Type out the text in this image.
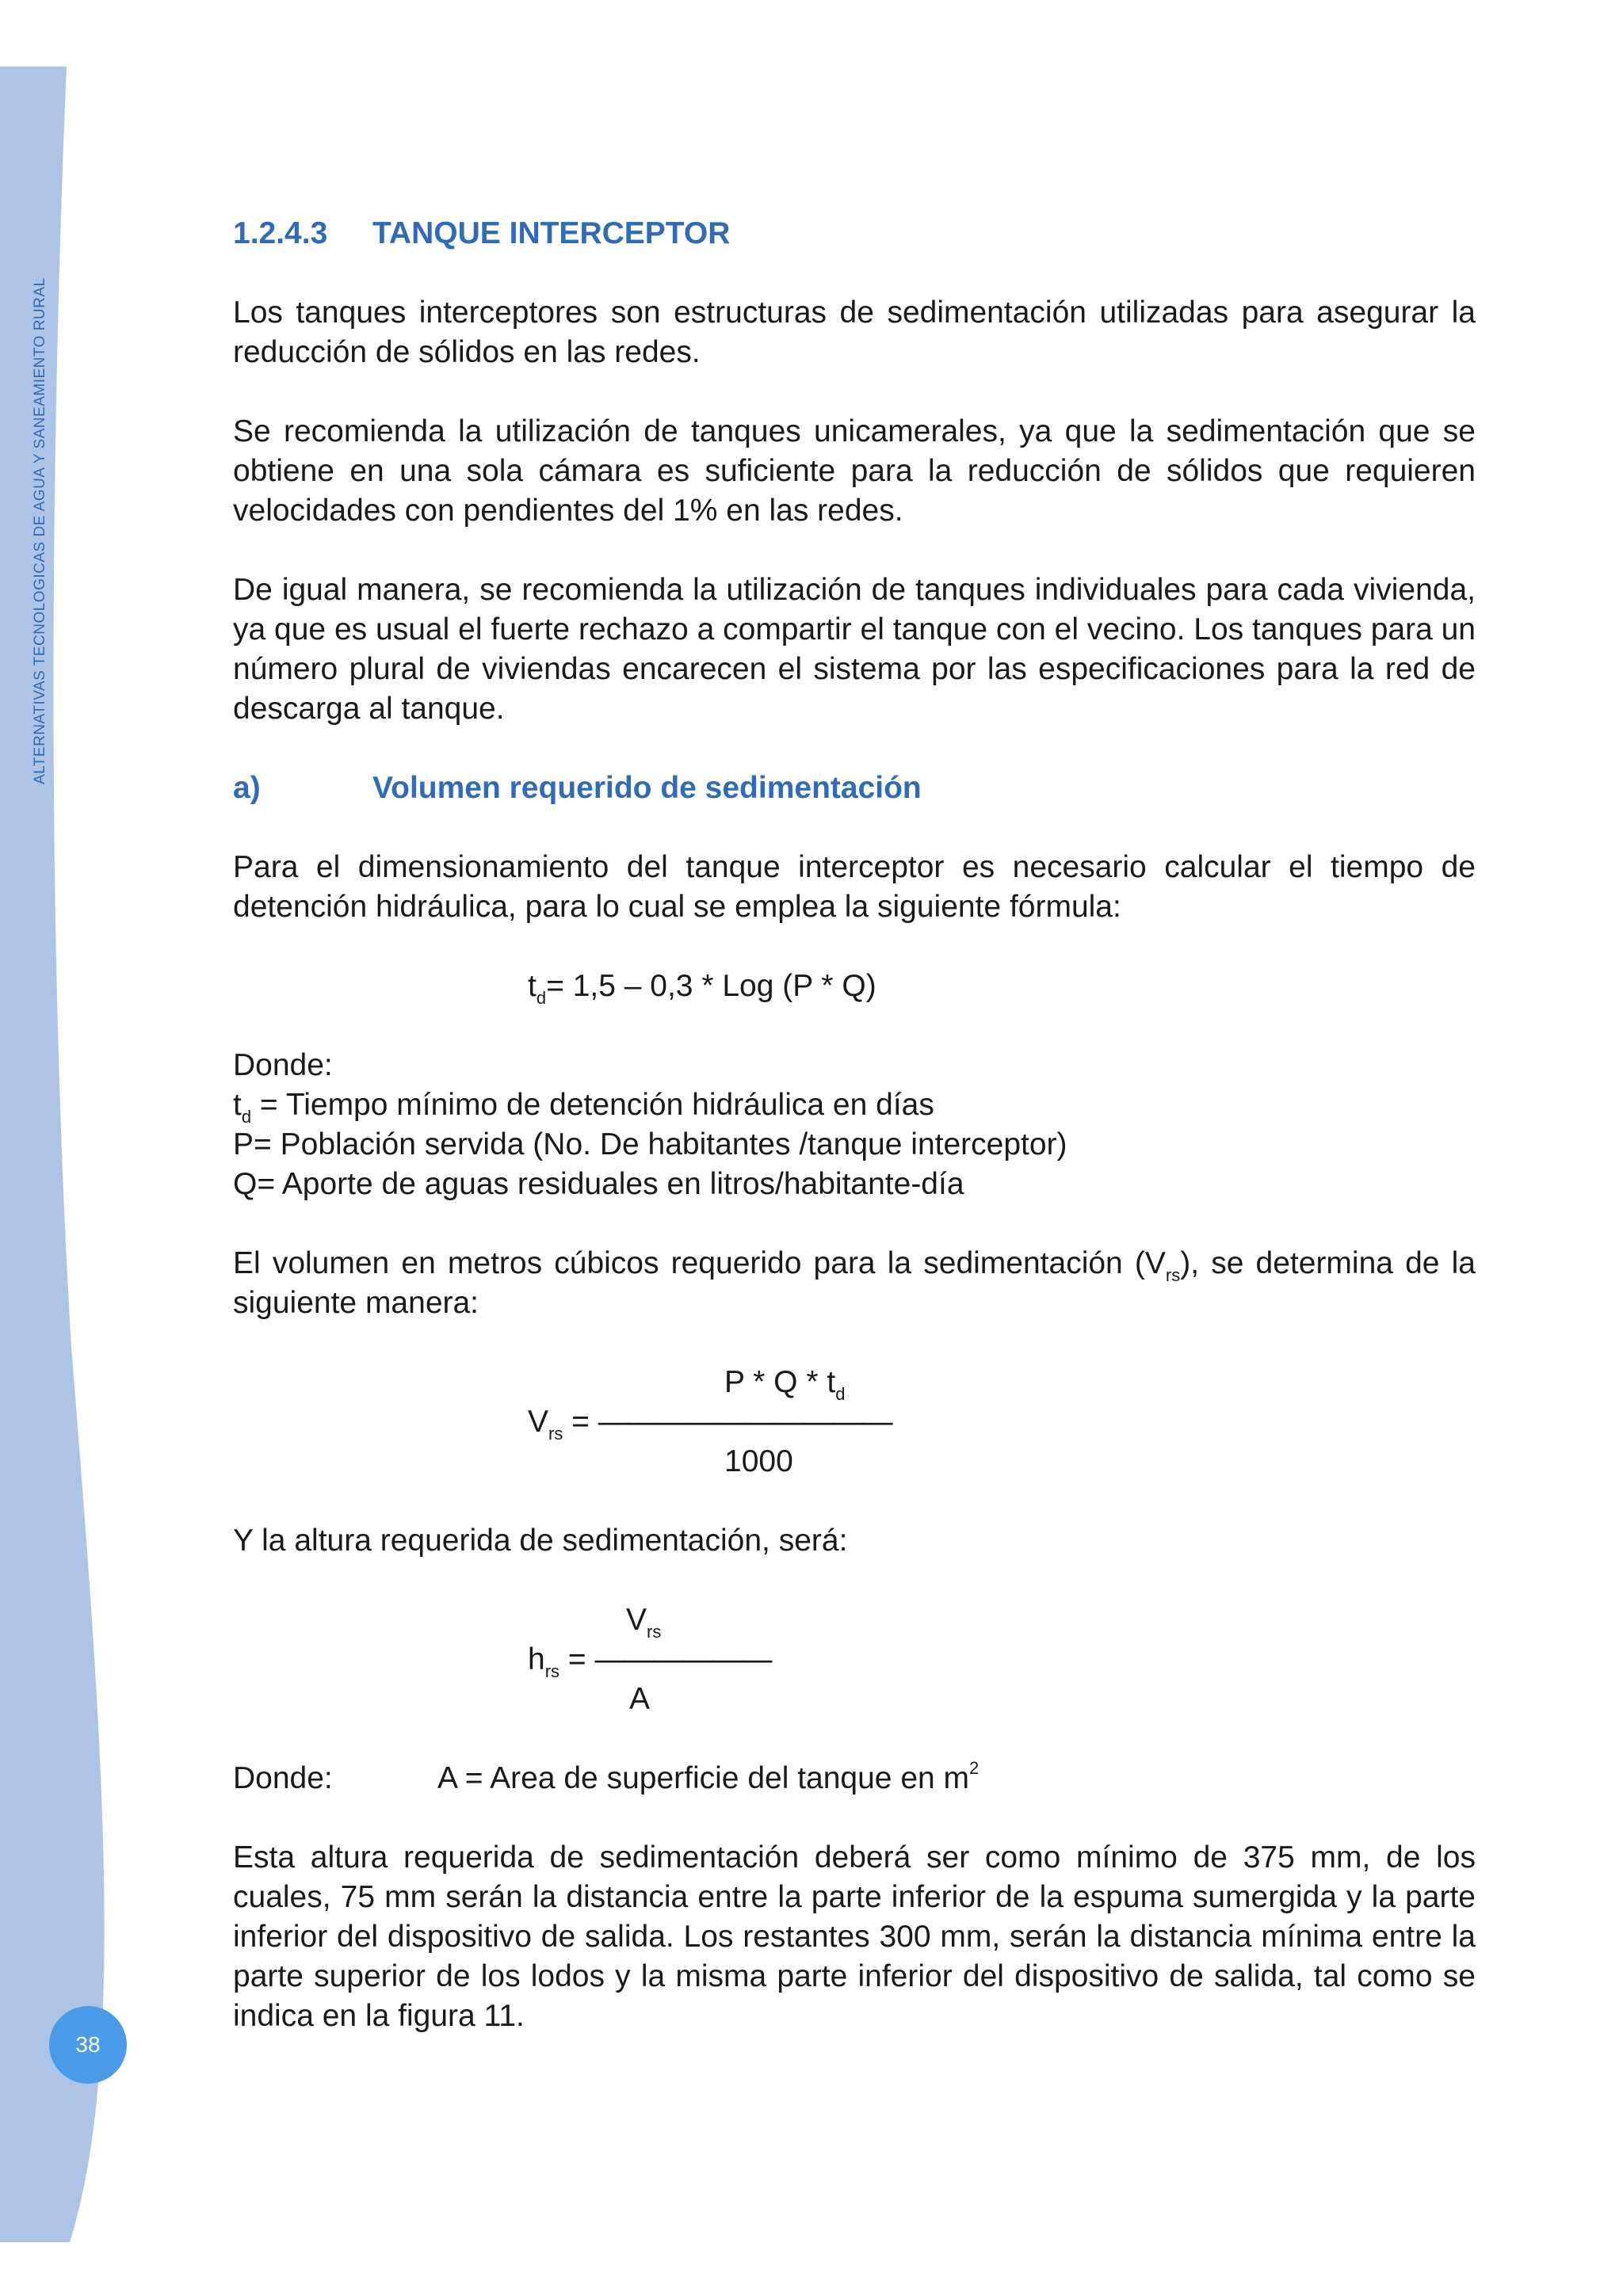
ALTERNATIVAS TECNOLOGICAS DE AGUA Y SANEAMIENTO RURAL
38
1.2.4.3	TANQUE INTERCEPTOR
Los tanques interceptores son estructuras de sedimentación utilizadas para asegurar la reducción de sólidos en las redes.
Se recomienda la utilización de tanques unicamerales, ya que la sedimentación que se obtiene en una sola cámara es suficiente para la reducción de sólidos que requieren velocidades con pendientes del 1% en las redes.
De igual manera, se recomienda la utilización de tanques individuales para cada vivienda, ya que es usual el fuerte rechazo a compartir el tanque con el vecino. Los tanques para un número plural de viviendas encarecen el sistema por las especificaciones para la red de descarga al tanque.
a)	Volumen requerido de sedimentación
Para el dimensionamiento del tanque interceptor es necesario calcular el tiempo de detención hidráulica, para lo cual se emplea la siguiente fórmula:
$t_d= 1,5 - 0,3$ * Log (P * Q)
Donde:
$t_d$ = Tiempo mínimo de detención hidráulica en días
P= Población servida (No. De habitantes /tanque interceptor)
Q= Aporte de aguas residuales en litros/habitante-día
El volumen en metros cúbicos requerido para la sedimentación $(V_{rs})$, se determina de la siguiente manera:
P * Q * $t_d$
$V_{rs}$ = ——————————
1000
Y la altura requerida de sedimentación, será:
$V_{rs}$
$h_{rs}$ = ——————
A
Donde:	A = Area de superficie del tanque en $m^2$
Esta altura requerida de sedimentación deberá ser como mínimo de 375 mm, de los cuales, 75 mm serán la distancia entre la parte inferior de la espuma sumergida y la parte inferior del dispositivo de salida. Los restantes 300 mm, serán la distancia mínima entre la parte superior de los lodos y la misma parte inferior del dispositivo de salida, tal como se indica en la figura 11.
